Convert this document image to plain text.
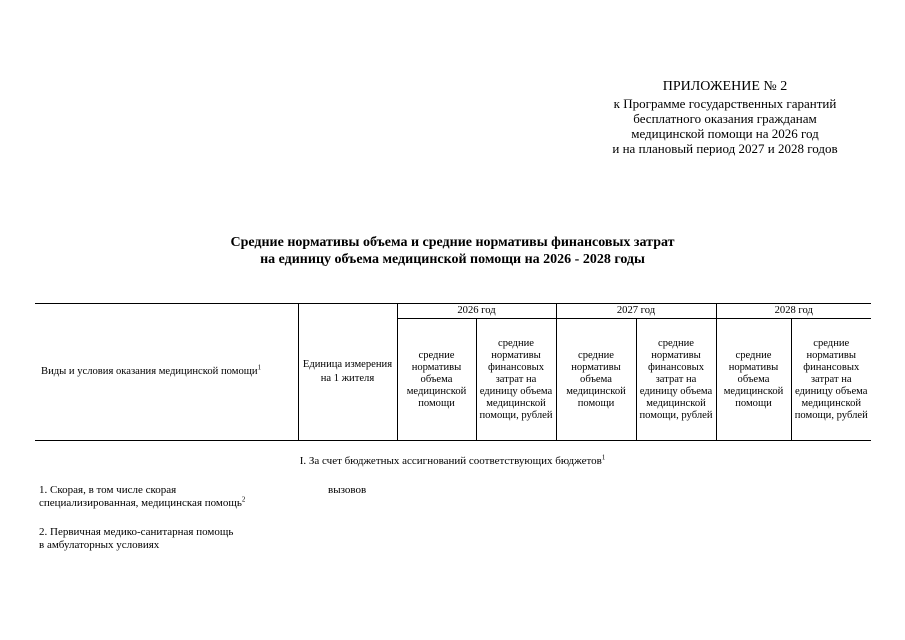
ПРИЛОЖЕНИЕ № 2
к Программе государственных гарантий
бесплатного оказания гражданам
медицинской помощи на 2026 год
и на плановый период 2027 и 2028 годов
Средние нормативы объема и средние нормативы финансовых затрат
на единицу объема медицинской помощи на 2026 - 2028 годы
Виды и условия оказания медицинской помощи$^1$	Единица измерения на 1 жителя	2026 год		2027 год		2028 год	
		средние нормативы объема медицинской помощи	средние нормативы финансовых затрат на единицу объема медицинской помощи, рублей	средние нормативы объема медицинской помощи	средние нормативы финансовых затрат на единицу объема медицинской помощи, рублей	средние нормативы объема медицинской помощи	средние нормативы финансовых затрат на единицу объема медицинской помощи, рублей
I. За счет бюджетных ассигнований соответствующих бюджетов$^1$
1. Скорая, в том числе скорая
специализированная, медицинская помощь$^2$
вызовов
2. Первичная медико-санитарная помощь
в амбулаторных условиях
